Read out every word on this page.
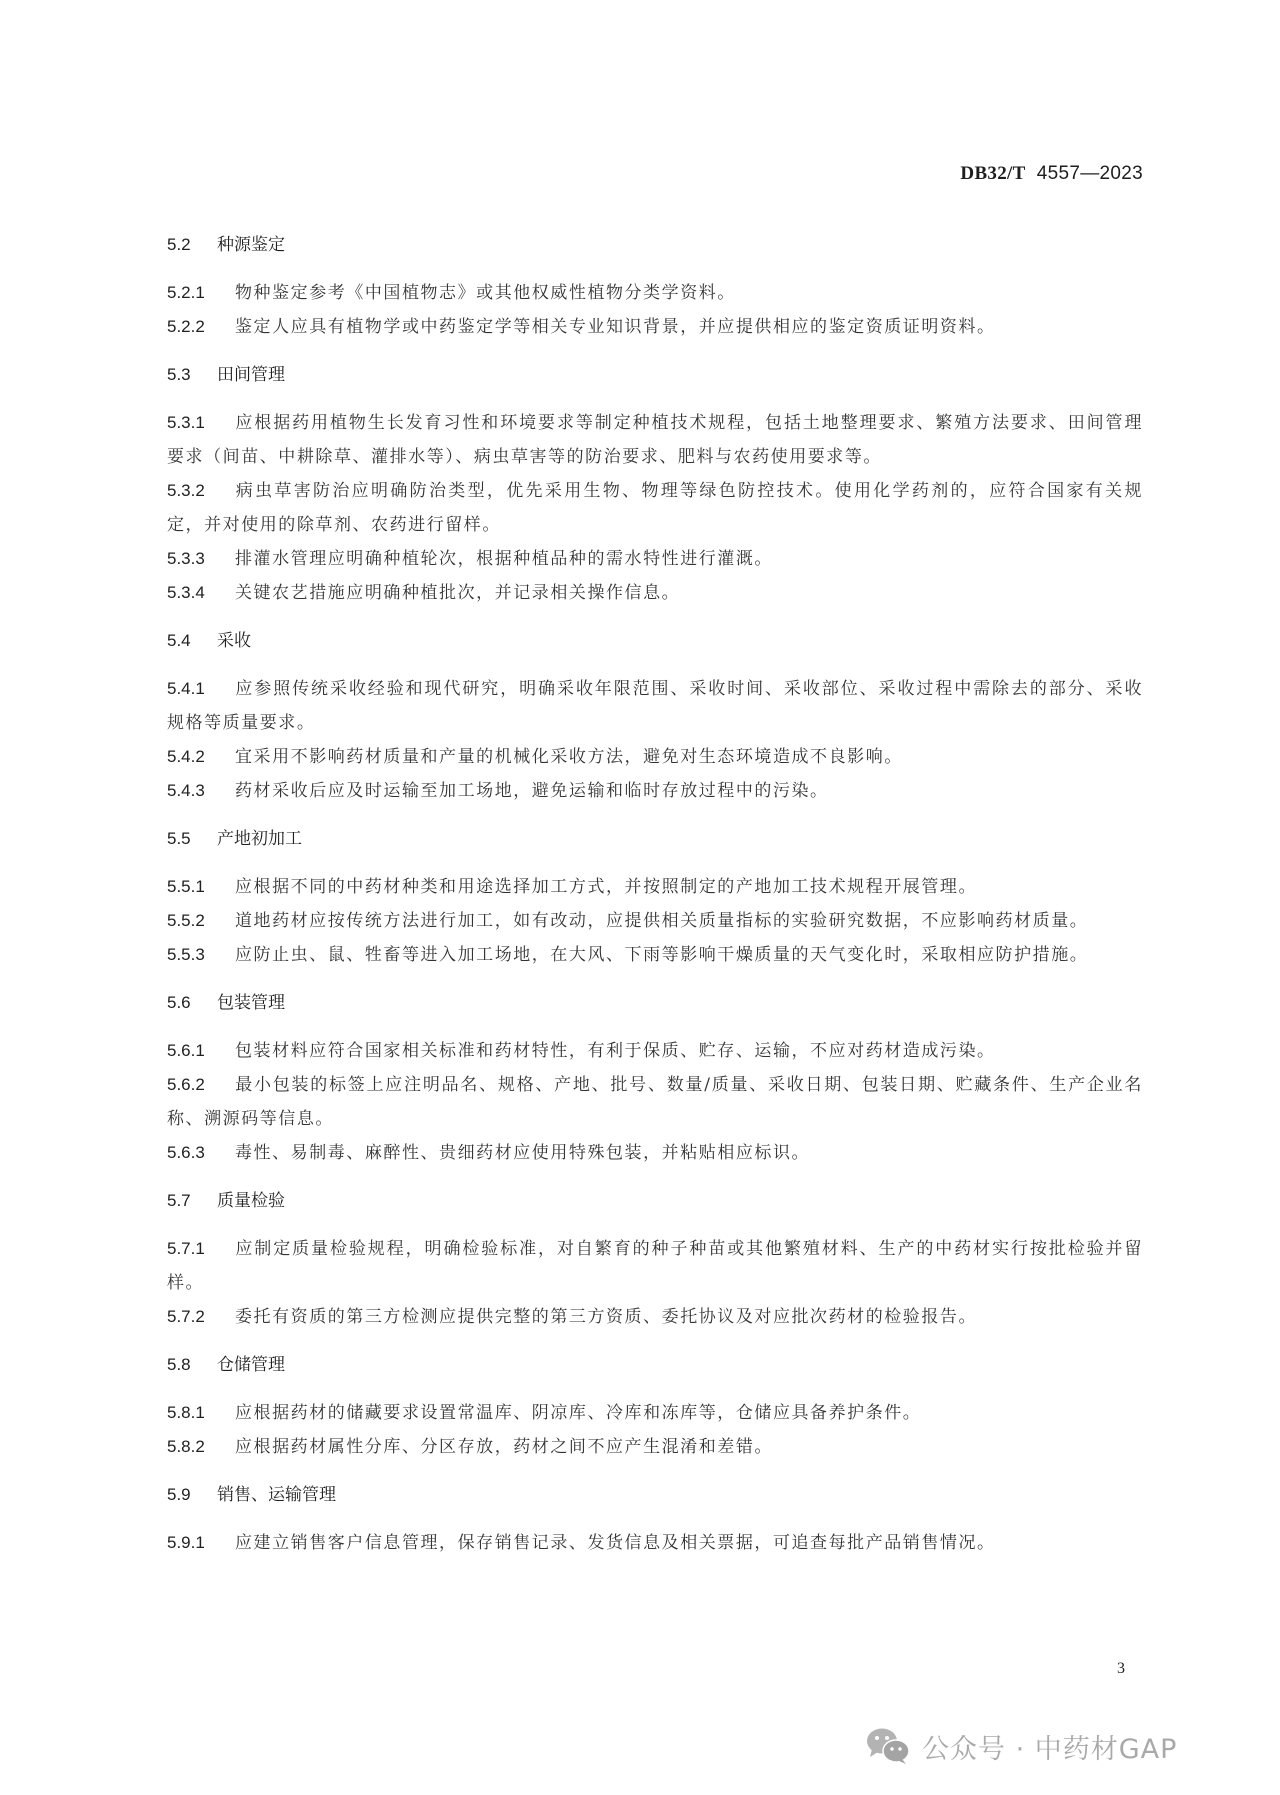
DB32/T 4557—2023
5.2 种源鉴定
5.2.1 物种鉴定参考《中国植物志》或其他权威性植物分类学资料。
5.2.2 鉴定人应具有植物学或中药鉴定学等相关专业知识背景，并应提供相应的鉴定资质证明资料。
5.3 田间管理
5.3.1 应根据药用植物生长发育习性和环境要求等制定种植技术规程，包括土地整理要求、繁殖方法要求、田间管理要求（间苗、中耕除草、灌排水等）、病虫草害等的防治要求、肥料与农药使用要求等。
5.3.2 病虫草害防治应明确防治类型，优先采用生物、物理等绿色防控技术。使用化学药剂的，应符合国家有关规定，并对使用的除草剂、农药进行留样。
5.3.3 排灌水管理应明确种植轮次，根据种植品种的需水特性进行灌溉。
5.3.4 关键农艺措施应明确种植批次，并记录相关操作信息。
5.4 采收
5.4.1 应参照传统采收经验和现代研究，明确采收年限范围、采收时间、采收部位、采收过程中需除去的部分、采收规格等质量要求。
5.4.2 宜采用不影响药材质量和产量的机械化采收方法，避免对生态环境造成不良影响。
5.4.3 药材采收后应及时运输至加工场地，避免运输和临时存放过程中的污染。
5.5 产地初加工
5.5.1 应根据不同的中药材种类和用途选择加工方式，并按照制定的产地加工技术规程开展管理。
5.5.2 道地药材应按传统方法进行加工，如有改动，应提供相关质量指标的实验研究数据，不应影响药材质量。
5.5.3 应防止虫、鼠、牲畜等进入加工场地，在大风、下雨等影响干燥质量的天气变化时，采取相应防护措施。
5.6 包装管理
5.6.1 包装材料应符合国家相关标准和药材特性，有利于保质、贮存、运输，不应对药材造成污染。
5.6.2 最小包装的标签上应注明品名、规格、产地、批号、数量/质量、采收日期、包装日期、贮藏条件、生产企业名称、溯源码等信息。
5.6.3 毒性、易制毒、麻醉性、贵细药材应使用特殊包装，并粘贴相应标识。
5.7 质量检验
5.7.1 应制定质量检验规程，明确检验标准，对自繁育的种子种苗或其他繁殖材料、生产的中药材实行按批检验并留样。
5.7.2 委托有资质的第三方检测应提供完整的第三方资质、委托协议及对应批次药材的检验报告。
5.8 仓储管理
5.8.1 应根据药材的储藏要求设置常温库、阴凉库、冷库和冻库等，仓储应具备养护条件。
5.8.2 应根据药材属性分库、分区存放，药材之间不应产生混淆和差错。
5.9 销售、运输管理
5.9.1 应建立销售客户信息管理，保存销售记录、发货信息及相关票据，可追查每批产品销售情况。
3
公众号 · 中药材GAP
